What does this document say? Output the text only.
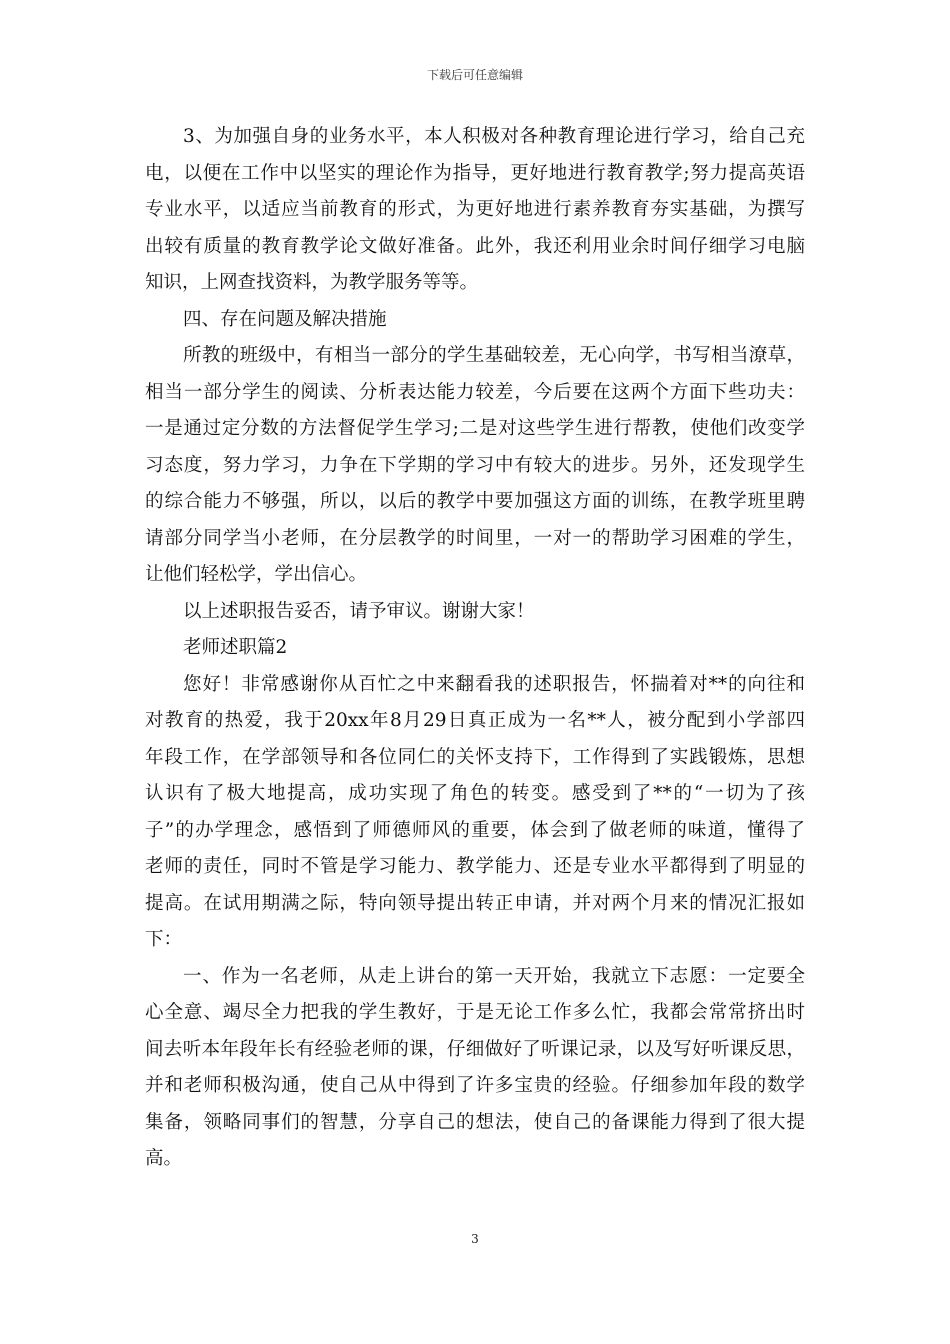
下载后可任意编辑
3、为加强自身的业务水平，本人积极对各种教育理论进行学习，给自己充
电，以便在工作中以坚实的理论作为指导，更好地进行教育教学;努力提高英语
专业水平，以适应当前教育的形式，为更好地进行素养教育夯实基础，为撰写
出较有质量的教育教学论文做好准备。此外，我还利用业余时间仔细学习电脑
知识，上网查找资料，为教学服务等等。
四、存在问题及解决措施
所教的班级中，有相当一部分的学生基础较差，无心向学，书写相当潦草，
相当一部分学生的阅读、分析表达能力较差，今后要在这两个方面下些功夫：
一是通过定分数的方法督促学生学习;二是对这些学生进行帮教，使他们改变学
习态度，努力学习，力争在下学期的学习中有较大的进步。另外，还发现学生
的综合能力不够强，所以，以后的教学中要加强这方面的训练，在教学班里聘
请部分同学当小老师，在分层教学的时间里，一对一的帮助学习困难的学生，
让他们轻松学，学出信心。
以上述职报告妥否，请予审议。谢谢大家！
老师述职篇2
您好！非常感谢你从百忙之中来翻看我的述职报告，怀揣着对**的向往和
对教育的热爱，我于20xx年8月29日真正成为一名**人，被分配到小学部四
年段工作，在学部领导和各位同仁的关怀支持下，工作得到了实践锻炼，思想
认识有了极大地提高，成功实现了角色的转变。感受到了**的“一切为了孩
子”的办学理念，感悟到了师德师风的重要，体会到了做老师的味道，懂得了
老师的责任，同时不管是学习能力、教学能力、还是专业水平都得到了明显的
提高。在试用期满之际，特向领导提出转正申请，并对两个月来的情况汇报如
下：
一、作为一名老师，从走上讲台的第一天开始，我就立下志愿：一定要全
心全意、竭尽全力把我的学生教好，于是无论工作多么忙，我都会常常挤出时
间去听本年段年长有经验老师的课，仔细做好了听课记录，以及写好听课反思，
并和老师积极沟通，使自己从中得到了许多宝贵的经验。仔细参加年段的数学
集备，领略同事们的智慧，分享自己的想法，使自己的备课能力得到了很大提
高。
3
